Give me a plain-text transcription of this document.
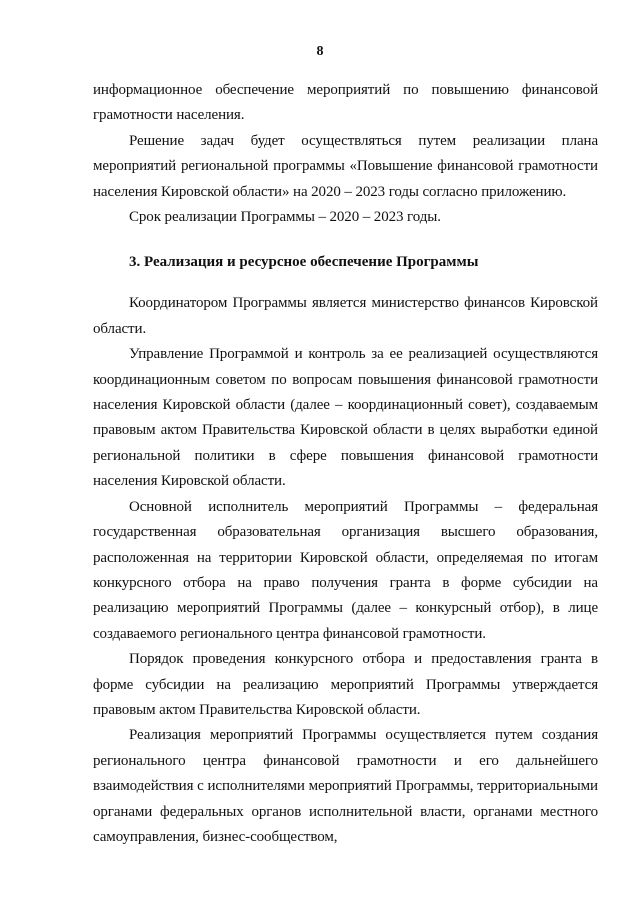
8

информационное обеспечение мероприятий по повышению финансовой грамотности населения.

Решение задач будет осуществляться путем реализации плана мероприятий региональной программы «Повышение финансовой грамотности населения Кировской области» на 2020 – 2023 годы согласно приложению.

Срок реализации Программы – 2020 – 2023 годы.

3. Реализация и ресурсное обеспечение Программы

Координатором Программы является министерство финансов Кировской области.

Управление Программой и контроль за ее реализацией осуществляются координационным советом по вопросам повышения финансовой грамотности населения Кировской области (далее – координационный совет), создаваемым правовым актом Правительства Кировской области в целях выработки единой региональной политики в сфере повышения финансовой грамотности населения Кировской области.

Основной исполнитель мероприятий Программы – федеральная государственная образовательная организация высшего образования, расположенная на территории Кировской области, определяемая по итогам конкурсного отбора на право получения гранта в форме субсидии на реализацию мероприятий Программы (далее – конкурсный отбор), в лице создаваемого регионального центра финансовой грамотности.

Порядок проведения конкурсного отбора и предоставления гранта в форме субсидии на реализацию мероприятий Программы утверждается правовым актом Правительства Кировской области.

Реализация мероприятий Программы осуществляется путем создания регионального центра финансовой грамотности и его дальнейшего взаимодействия с исполнителями мероприятий Программы, территориальными органами федеральных органов исполнительной власти, органами местного самоуправления, бизнес-сообществом,
